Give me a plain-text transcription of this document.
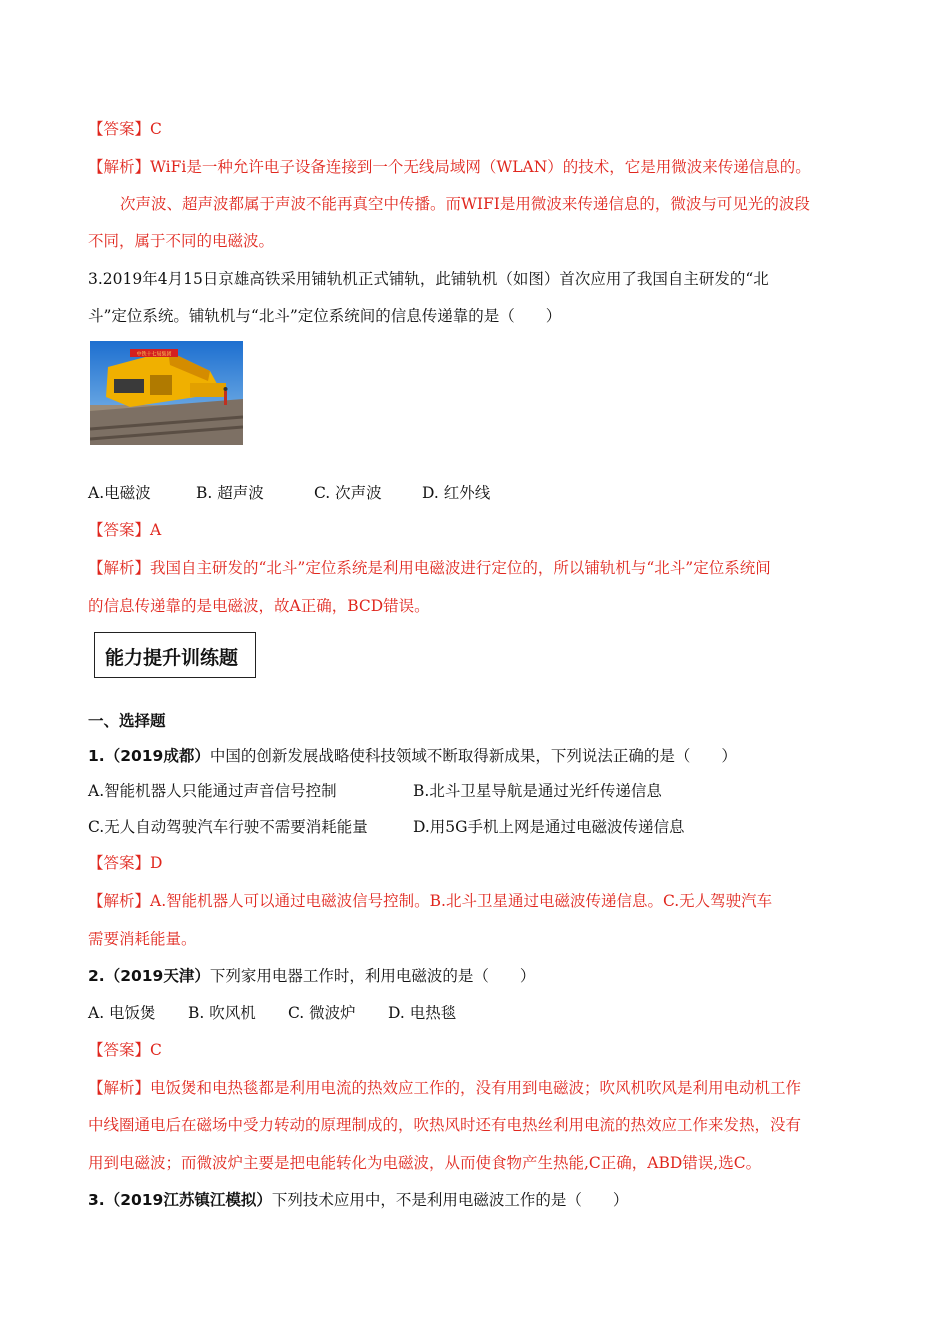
【答案】C
【解析】WiFi是一种允许电子设备连接到一个无线局域网（WLAN）的技术，它是用微波来传递信息的。
次声波、超声波都属于声波不能再真空中传播。而WIFI是用微波来传递信息的，微波与可见光的波段
不同，属于不同的电磁波。
3.2019年4月15日京雄高铁采用铺轨机正式铺轨，此铺轨机（如图）首次应用了我国自主研发的“北
斗”定位系统。铺轨机与“北斗”定位系统间的信息传递靠的是（　　）
中铁十七局集团
A.电磁波	B. 超声波	C. 次声波	D. 红外线
【答案】A
【解析】我国自主研发的“北斗”定位系统是利用电磁波进行定位的，所以铺轨机与“北斗”定位系统间
的信息传递靠的是电磁波，故A正确，BCD错误。
能力提升训练题
一、选择题
1.（2019成都）中国的创新发展战略使科技领域不断取得新成果，下列说法正确的是（　　）
A.智能机器人只能通过声音信号控制	B.北斗卫星导航是通过光纤传递信息
C.无人自动驾驶汽车行驶不需要消耗能量	D.用5G手机上网是通过电磁波传递信息
【答案】D
【解析】A.智能机器人可以通过电磁波信号控制。B.北斗卫星通过电磁波传递信息。C.无人驾驶汽车
需要消耗能量。
2.（2019天津）下列家用电器工作时，利用电磁波的是（　　）
A. 电饭煲 B. 吹风机 C. 微波炉 D. 电热毯
【答案】C
【解析】电饭煲和电热毯都是利用电流的热效应工作的，没有用到电磁波；吹风机吹风是利用电动机工作
中线圈通电后在磁场中受力转动的原理制成的，吹热风时还有电热丝利用电流的热效应工作来发热，没有
用到电磁波；而微波炉主要是把电能转化为电磁波，从而使食物产生热能,C正确，ABD错误,选C。
3.（2019江苏镇江模拟）下列技术应用中，不是利用电磁波工作的是（　　）
